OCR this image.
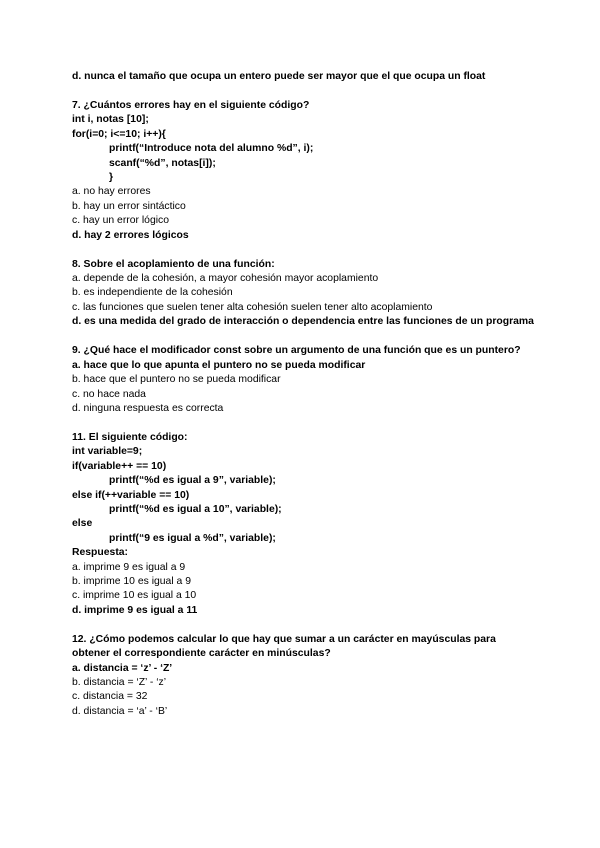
d. nunca el tamaño que ocupa un entero puede ser mayor que el que ocupa un float
7. ¿Cuántos errores hay en el siguiente código?
int i, notas [10];
for(i=0; i<=10; i++){
printf(“Introduce nota del alumno %d”, i);
scanf(“%d”, notas[i]);
}
a. no hay errores
b. hay un error sintáctico
c. hay un error lógico
d. hay 2 errores lógicos
8. Sobre el acoplamiento de una función:
a. depende de la cohesión, a mayor cohesión mayor acoplamiento
b. es independiente de la cohesión
c. las funciones que suelen tener alta cohesión suelen tener alto acoplamiento
d. es una medida del grado de interacción o dependencia entre las funciones de un programa
9. ¿Qué hace el modificador const sobre un argumento de una función que es un puntero?
a. hace que lo que apunta el puntero no se pueda modificar
b. hace que el puntero no se pueda modificar
c. no hace nada
d. ninguna respuesta es correcta
11. El siguiente código:
int variable=9;
if(variable++ == 10)
printf(“%d es igual a 9”, variable);
else if(++variable == 10)
printf(“%d es igual a 10”, variable);
else
printf(“9 es igual a %d”, variable);
Respuesta:
a. imprime 9 es igual a 9
b. imprime 10 es igual a 9
c. imprime 10 es igual a 10
d. imprime 9 es igual a 11
12. ¿Cómo podemos calcular lo que hay que sumar a un carácter en mayúsculas para obtener el correspondiente carácter en minúsculas?
a. distancia = ‘z’ - ‘Z’
b. distancia = ‘Z’ - ‘z’
c. distancia = 32
d. distancia = ‘a’ - ‘B’
